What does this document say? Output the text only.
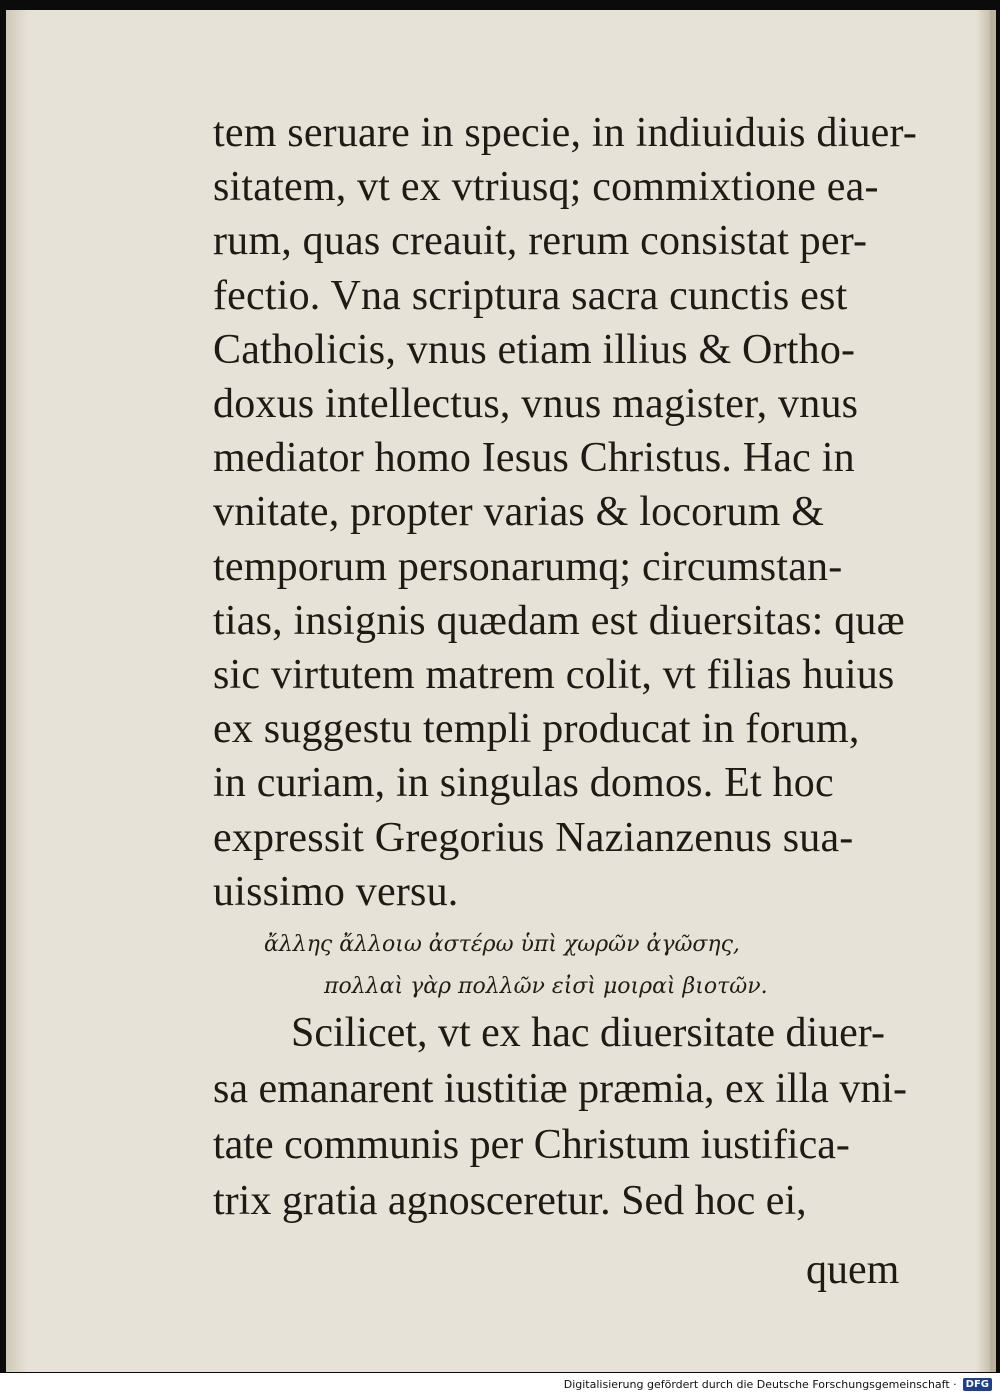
tem seruare in specie, in indiuiduis diuer-
sitatem, vt ex vtriusq; commixtione ea-
rum, quas creauit, rerum consistat per-
fectio. Vna scriptura sacra cunctis est
Catholicis, vnus etiam illius & Ortho-
doxus intellectus, vnus magister, vnus
mediator homo Iesus Christus. Hac in
vnitate, propter varias & locorum &
temporum personarumq; circumstan-
tias, insignis quædam est diuersitas: quæ
sic virtutem matrem colit, vt filias huius
ex suggestu templi producat in forum,
in curiam, in singulas domos. Et hoc
expressit Gregorius Nazianzenus sua-
uissimo versu.
ἄλλης ἄλλοιω ἀστέρω ὑπὶ χωρῶν ἀγῶσης,
πολλαὶ γὰρ πολλῶν εἰσὶ μοιραὶ βιοτῶν.
Scilicet, vt ex hac diuersitate diuer-
sa emanarent iustitiæ præmia, ex illa vni-
tate communis per Christum iustifica-
trix gratia agnosceretur. Sed hoc ei,
quem
Digitalisierung gefördert durch die Deutsche Forschungsgemeinschaft · DFG
